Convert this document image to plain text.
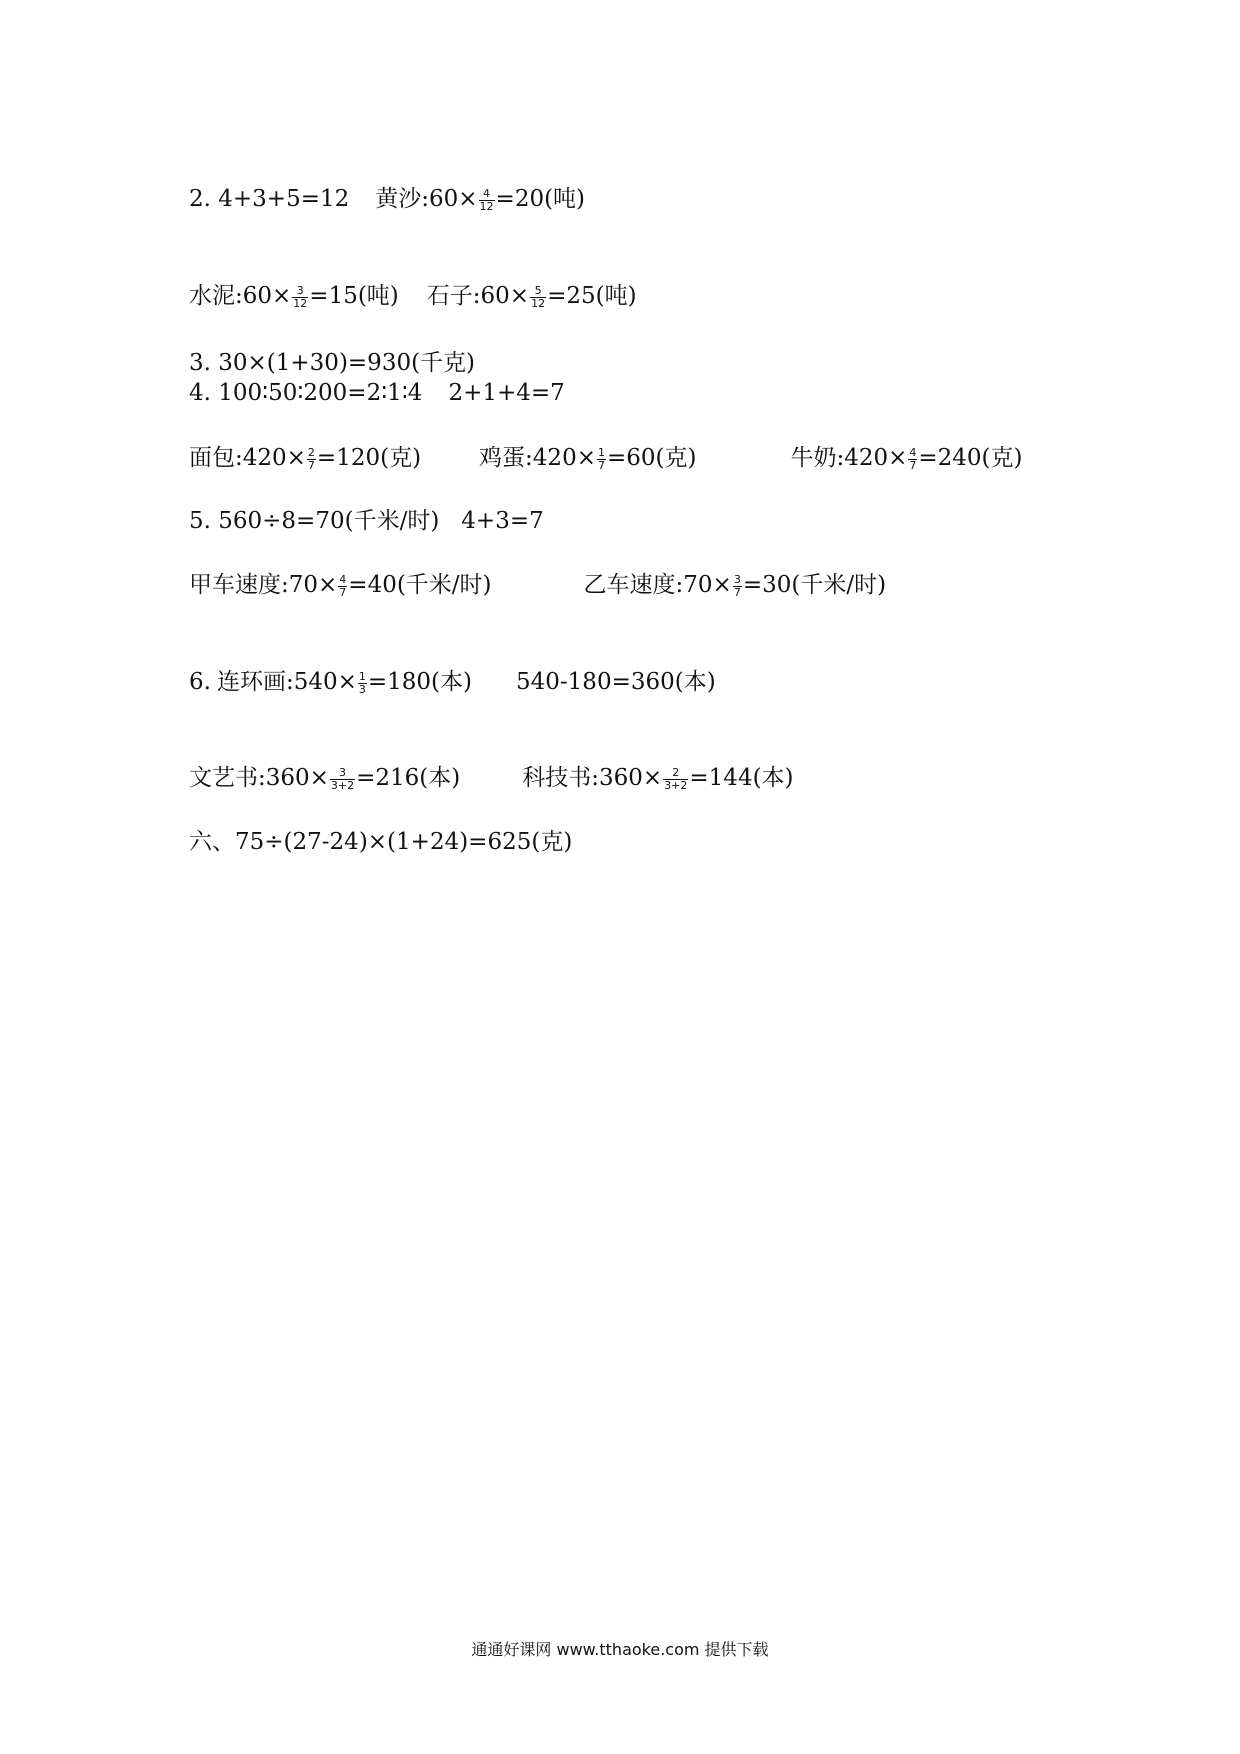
2. 4+3+5=12 黄沙:60× $\frac{4}{12} =20$(吨)
水泥:60× $\frac{3}{12} =15$(吨) 石子:60× $\frac{5}{12} =25$(吨)
3. 30×(1+30)=930(千克)
4. 100∶50∶200=2∶1∶4 2+1+4=7
面包:420× $\frac{2}{7} =120$(克)	鸡蛋:420× $\frac{1}{7} =60$(克)	牛奶:420× $\frac{4}{7} =240$(克)
5. 560÷8=70(千米/时) 4+3=7
甲车速度:70× $\frac{4}{7} =40$(千米/时)	乙车速度:70× $\frac{3}{7} =30$(千米/时)
6. 连环画:540× $\frac{1}{3} =180$(本) 540-180=360(本)
文艺书:360× $\frac{3}{3+2} =216$(本)	科技书:360× $\frac{2}{3+2} =144$(本)
六、75÷(27-24)×(1+24)=625(克)
通通好课网 www.tthaoke.com 提供下载
